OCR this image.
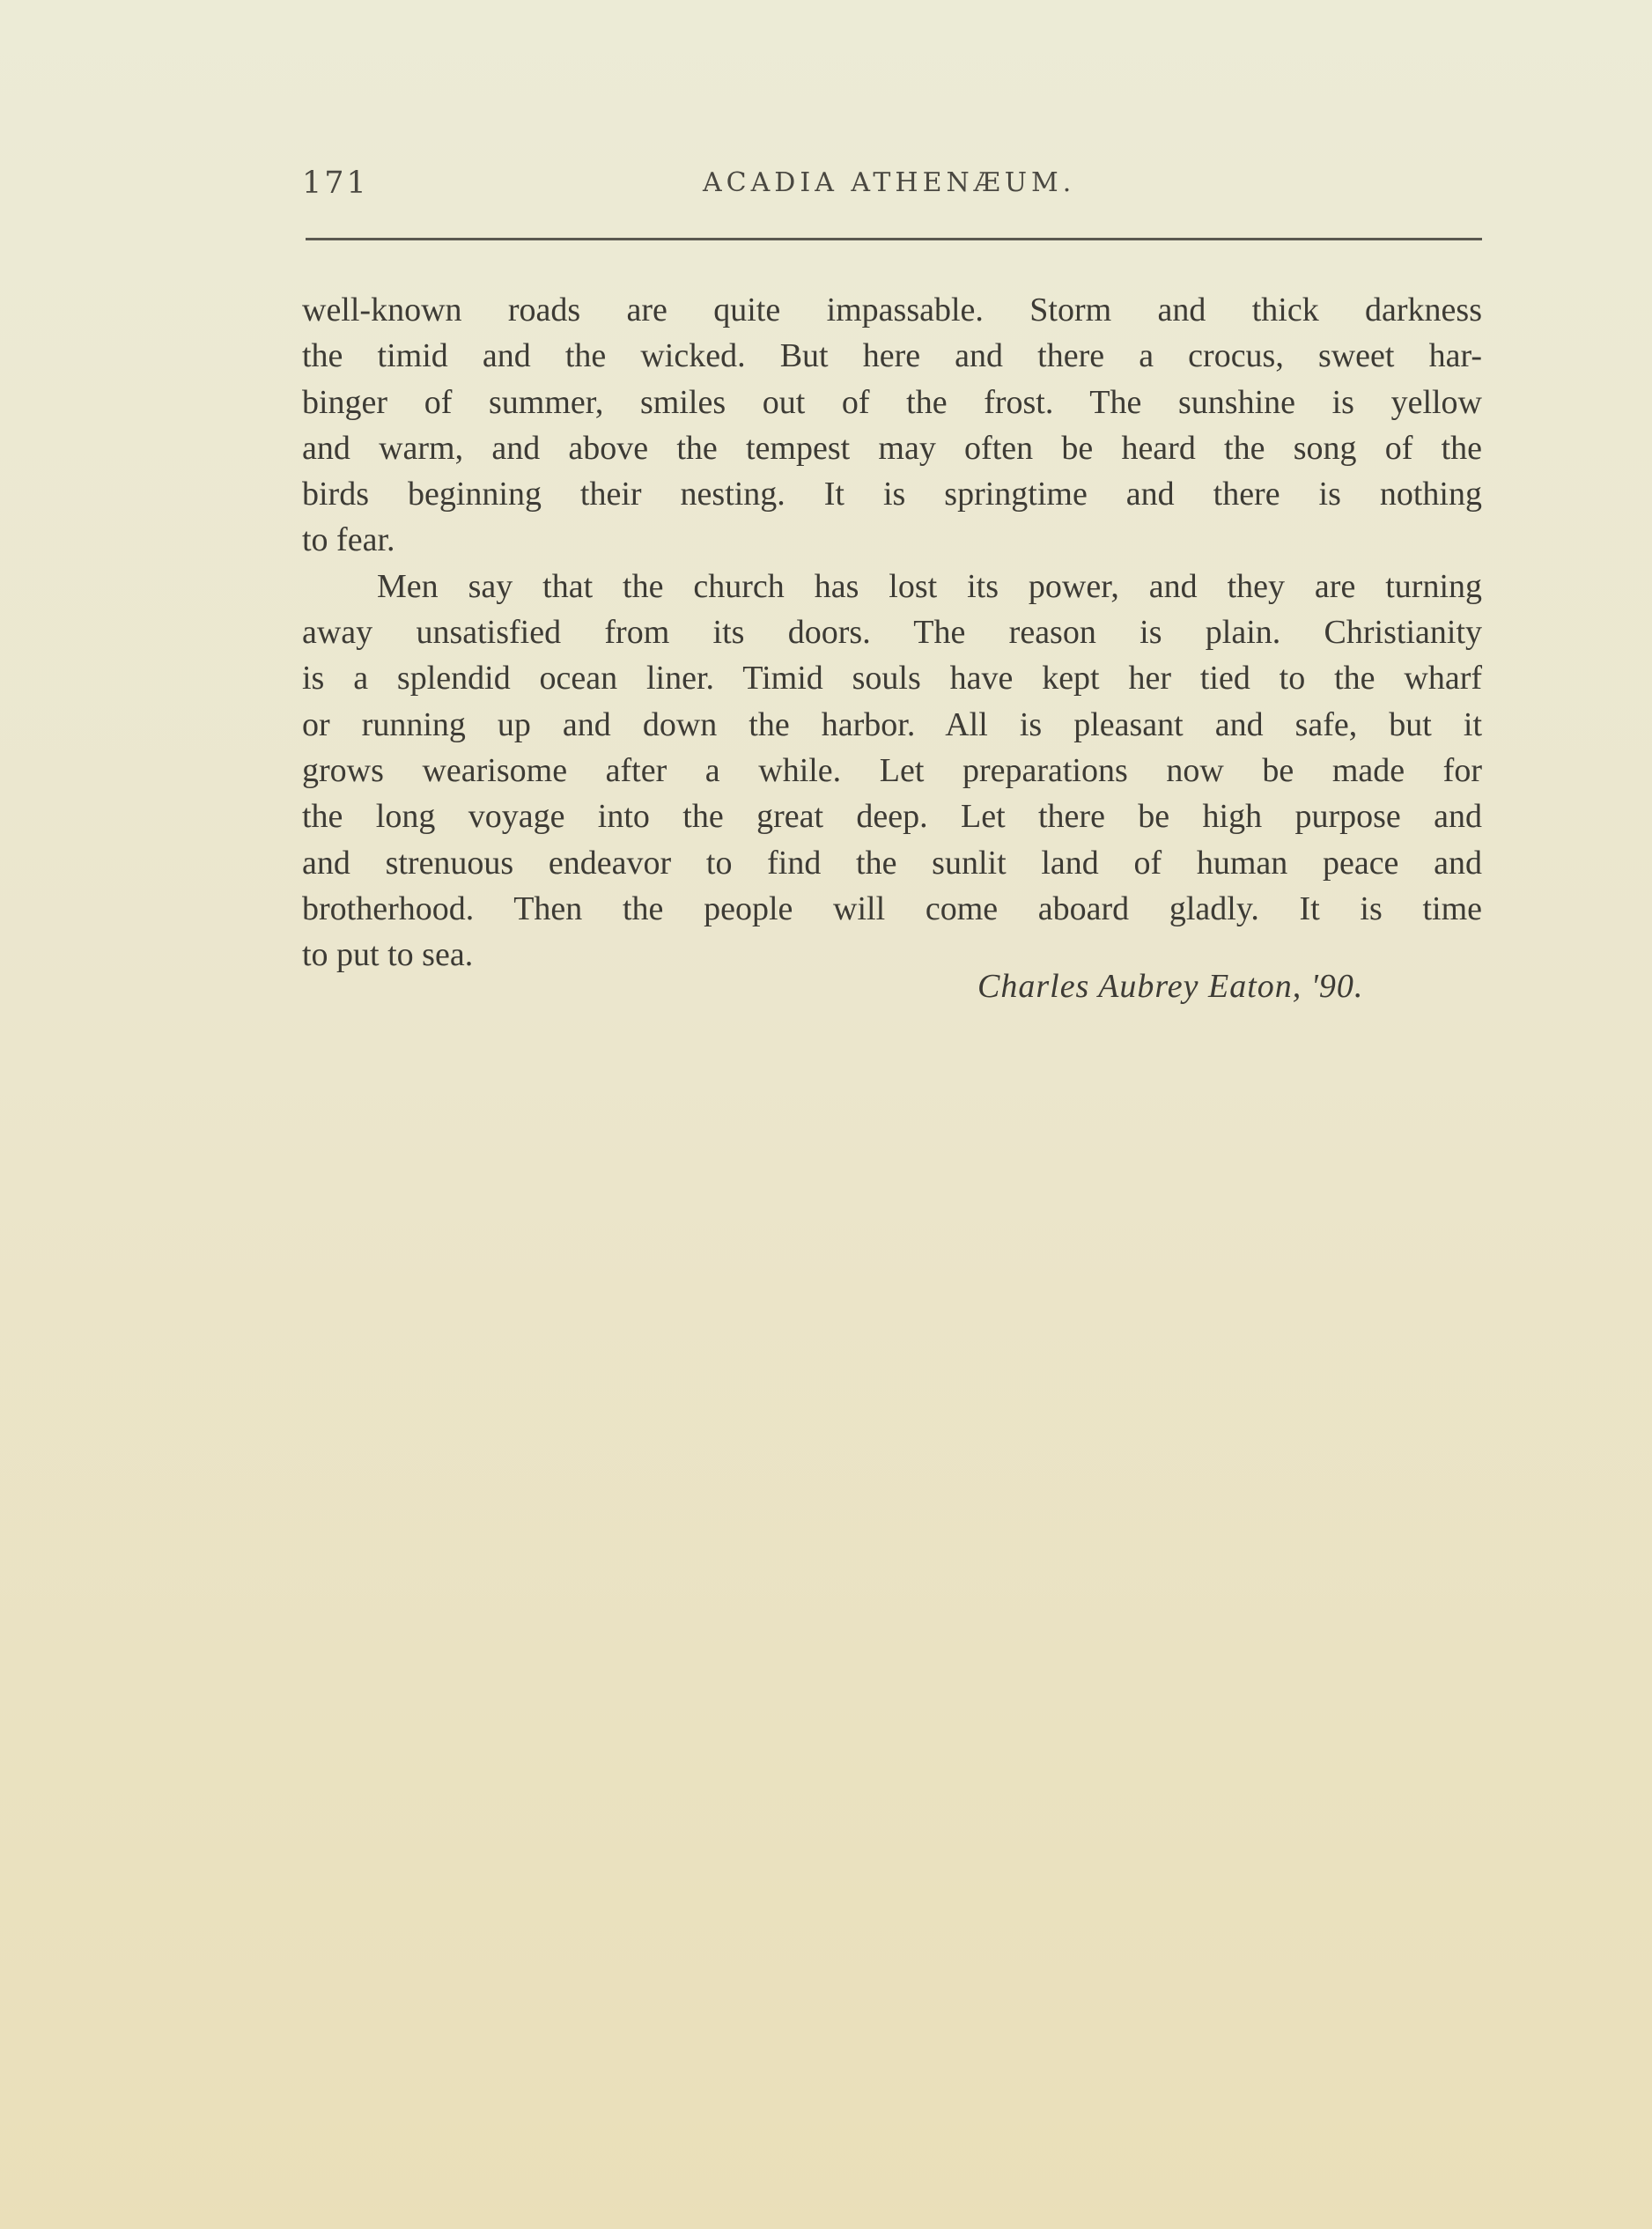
171	ACADIA ATHENÆUM.

well-known roads are quite impassable. Storm and thick darkness
the timid and the wicked. But here and there a crocus, sweet har-
binger of summer, smiles out of the frost. The sunshine is yellow
and warm, and above the tempest may often be heard the song of the
birds beginning their nesting. It is springtime and there is nothing
to fear.

Men say that the church has lost its power, and they are turning
away unsatisfied from its doors. The reason is plain. Christianity
is a splendid ocean liner. Timid souls have kept her tied to the wharf
or running up and down the harbor. All is pleasant and safe, but it
grows wearisome after a while. Let preparations now be made for
the long voyage into the great deep. Let there be high purpose and
and strenuous endeavor to find the sunlit land of human peace and
brotherhood. Then the people will come aboard gladly. It is time
to put to sea.

Charles Aubrey Eaton, '90.
